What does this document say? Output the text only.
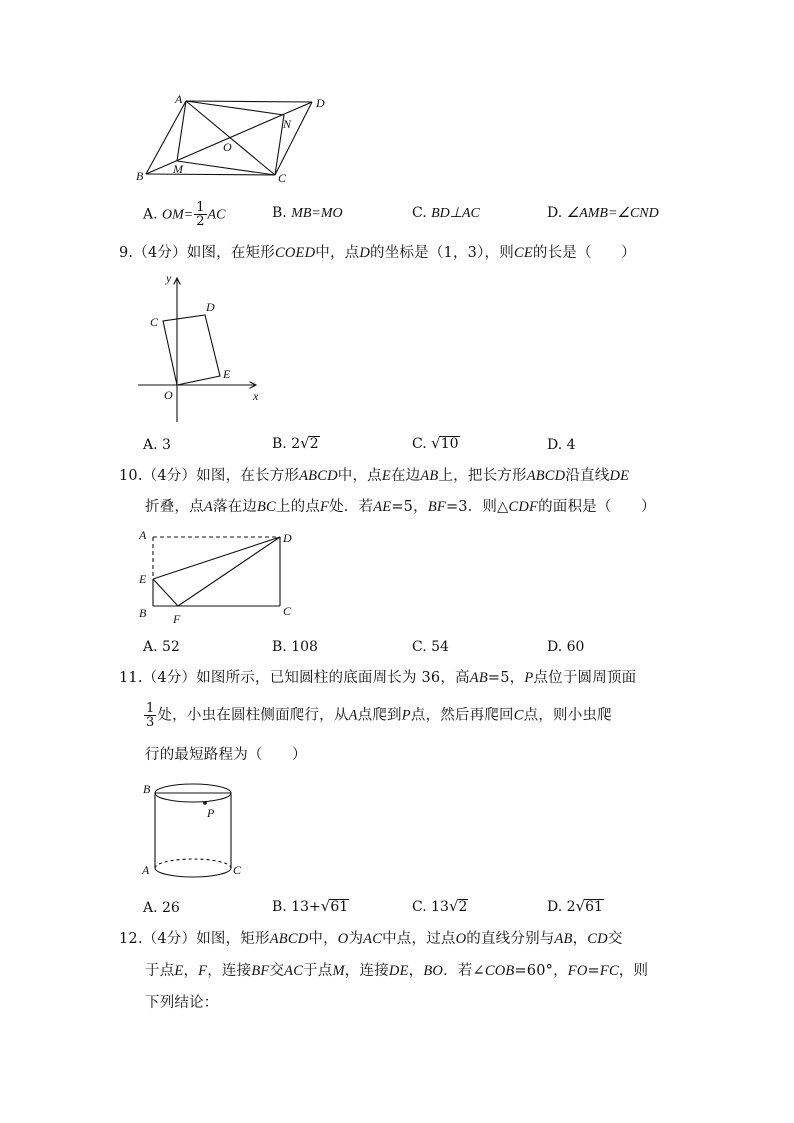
A	D
N
O
M
B	C
A. $OM= \frac{1}{2}$ AC	B. MB=MO	C. BD⊥AC	D. ∠AMB=∠CND
9.（4分）如图，在矩形COED中，点D的坐标是（1，3），则CE的长是（　　）
y
x
O
C
D
E
A. 3	B. 2√2	C. √10	D. 4
10.（4分）如图，在长方形ABCD中，点E在边AB上，把长方形ABCD沿直线DE
折叠，点A落在边BC上的点F处．若AE=5，BF=3．则△CDF的面积是（　　）
A	D
E
B F
C
A. 52	B. 108	C. 54	D. 60
11.（4分）如图所示，已知圆柱的底面周长为 36，高AB=5，P点位于圆周顶面
$\frac{1}{3}$ 处，小虫在圆柱侧面爬行，从A点爬到P点，然后再爬回C点，则小虫爬
行的最短路程为（　　）
B
P
A	C
A. 26	B. 13+√61	C. 13√2	D. 2√61
12.（4分）如图，矩形ABCD中，O为AC中点，过点O的直线分别与AB，CD交
于点E，F，连接BF交AC于点M，连接DE，BO．若∠COB=60°，FO=FC，则
下列结论：
